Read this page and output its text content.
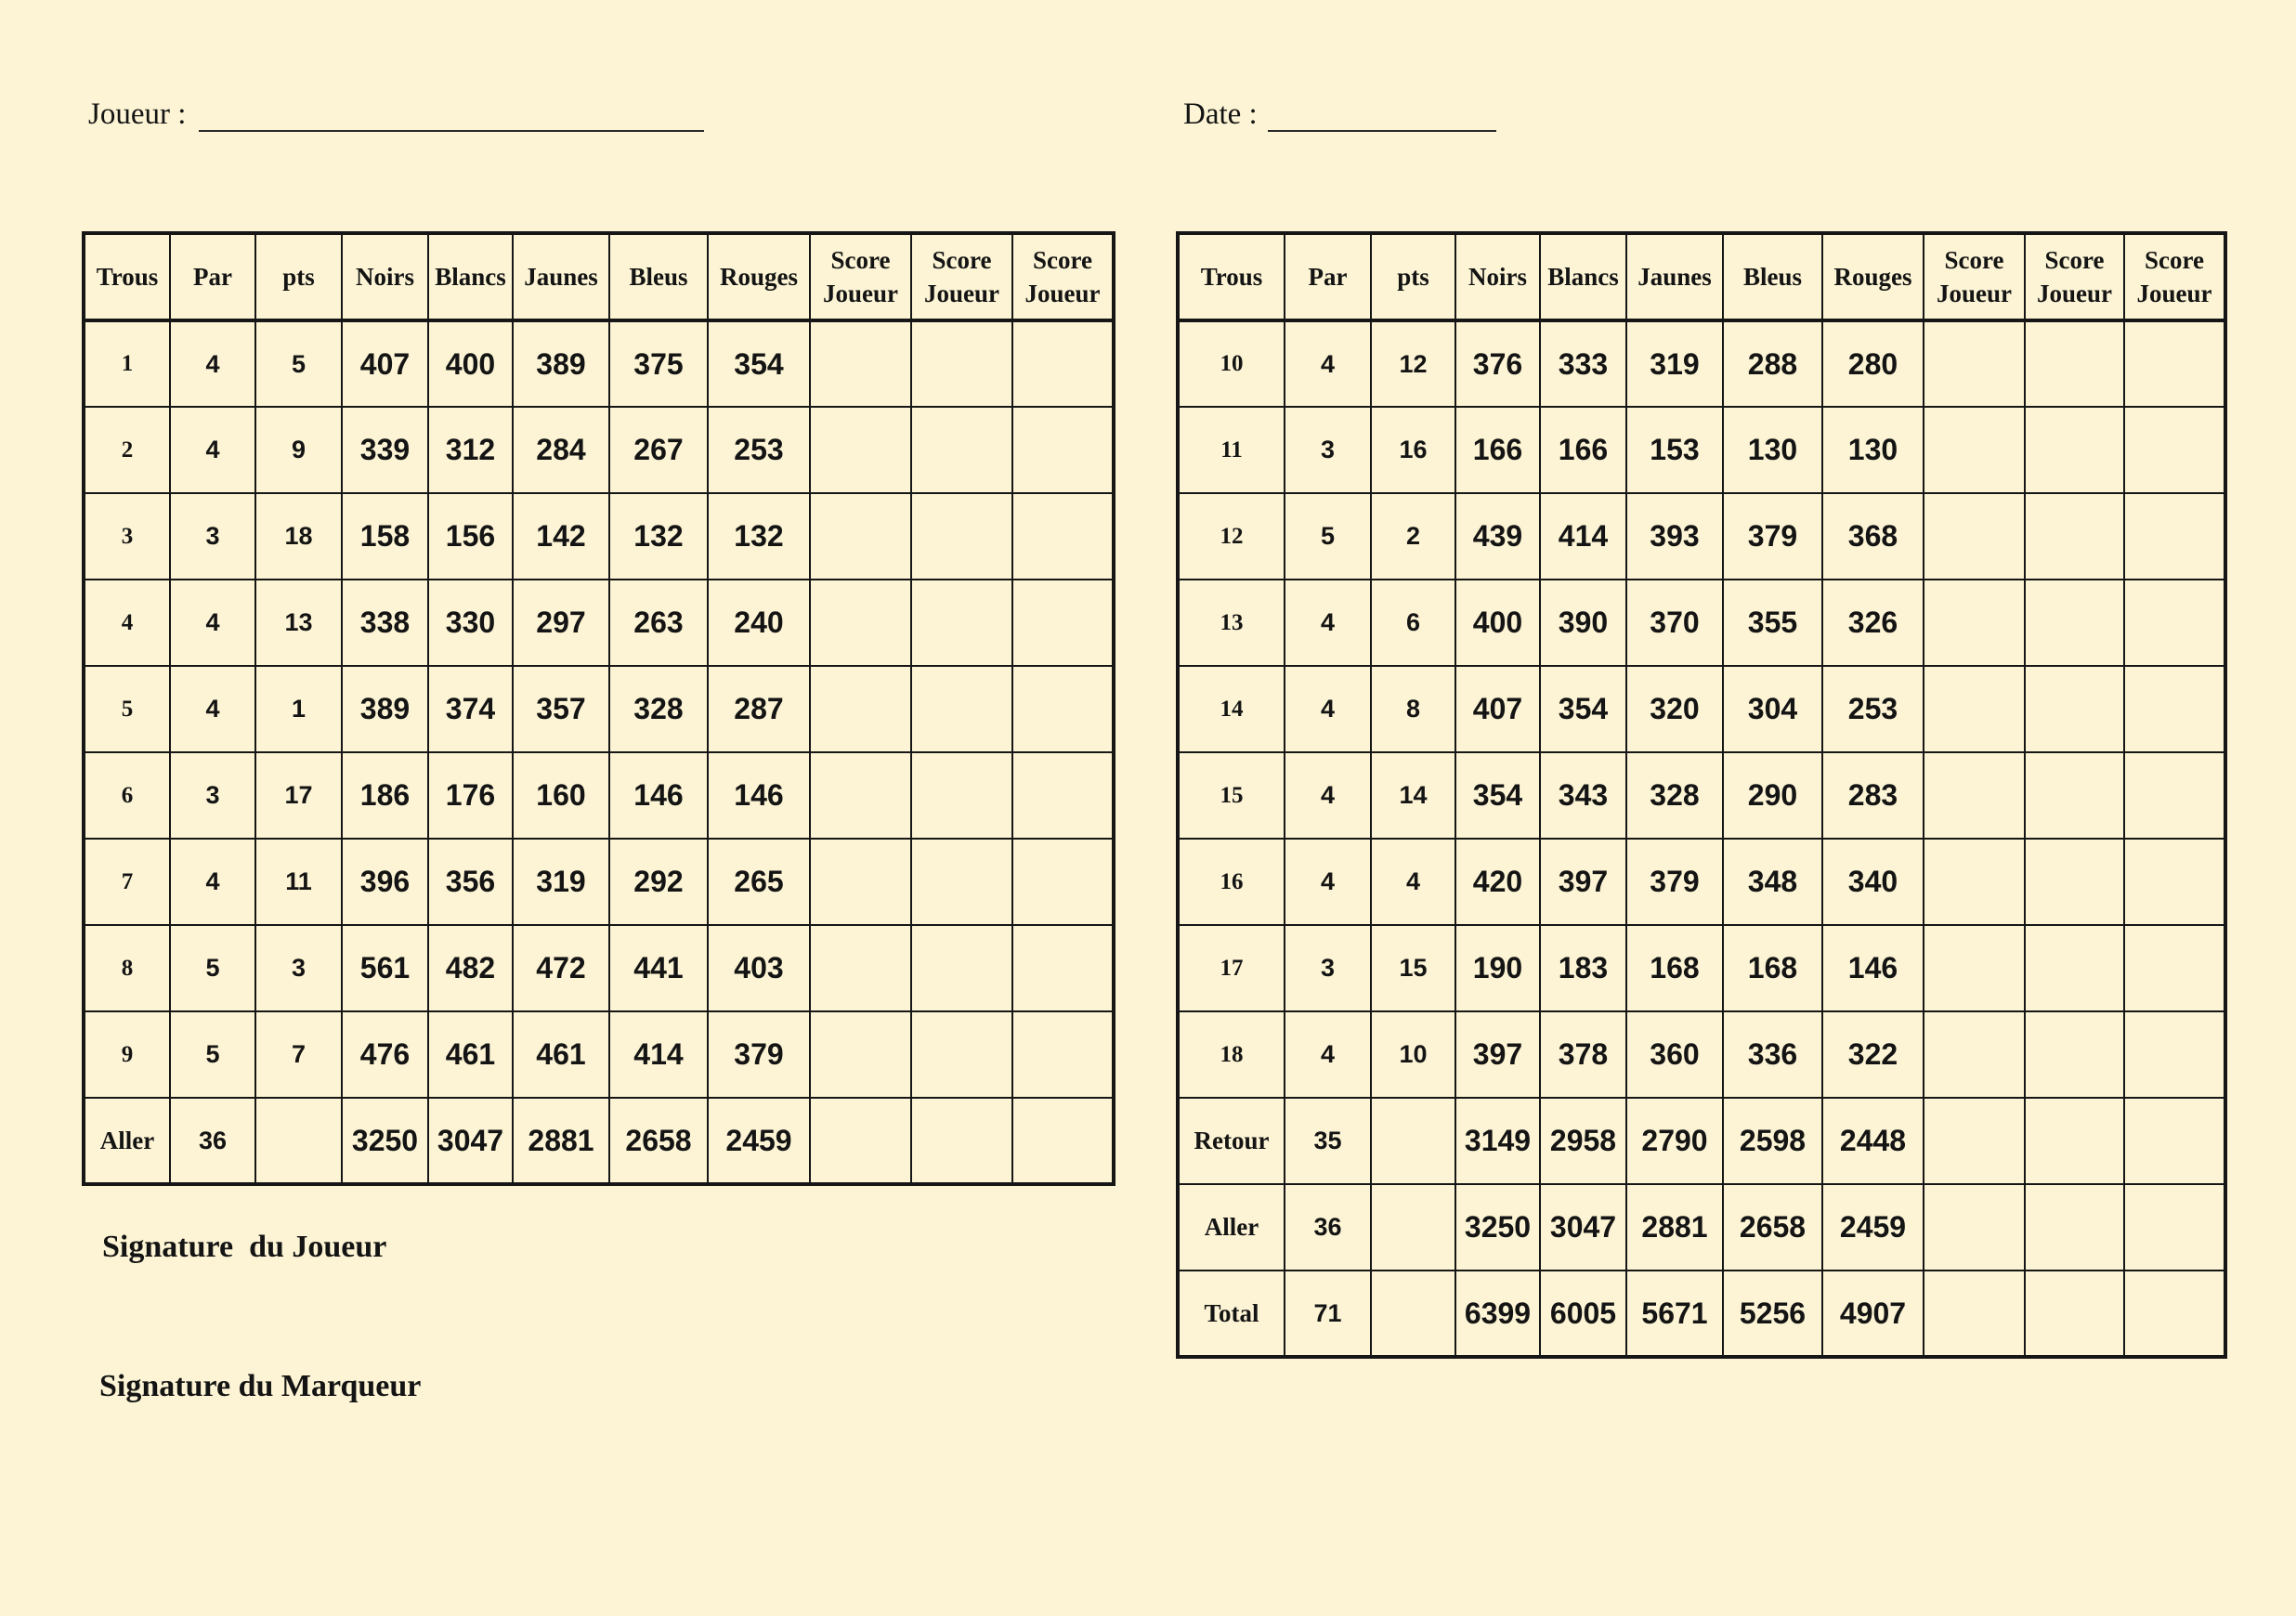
Joueur :	Date :
Trous	Par	pts	Noirs	Blancs	Jaunes	Bleus	Rouges	Score Joueur	Score Joueur	Score Joueur
1	4	5	407	400	389	375	354			
2	4	9	339	312	284	267	253			
3	3	18	158	156	142	132	132			
4	4	13	338	330	297	263	240			
5	4	1	389	374	357	328	287			
6	3	17	186	176	160	146	146			
7	4	11	396	356	319	292	265			
8	5	3	561	482	472	441	403			
9	5	7	476	461	461	414	379			
Aller	36		3250	3047	2881	2658	2459			
Trous	Par	pts	Noirs	Blancs	Jaunes	Bleus	Rouges	Score Joueur	Score Joueur	Score Joueur
10	4	12	376	333	319	288	280			
11	3	16	166	166	153	130	130			
12	5	2	439	414	393	379	368			
13	4	6	400	390	370	355	326			
14	4	8	407	354	320	304	253			
15	4	14	354	343	328	290	283			
16	4	4	420	397	379	348	340			
17	3	15	190	183	168	168	146			
18	4	10	397	378	360	336	322			
Retour	35		3149	2958	2790	2598	2448			
Aller	36		3250	3047	2881	2658	2459			
Total	71		6399	6005	5671	5256	4907			
Signature  du Joueur
Signature du Marqueur
